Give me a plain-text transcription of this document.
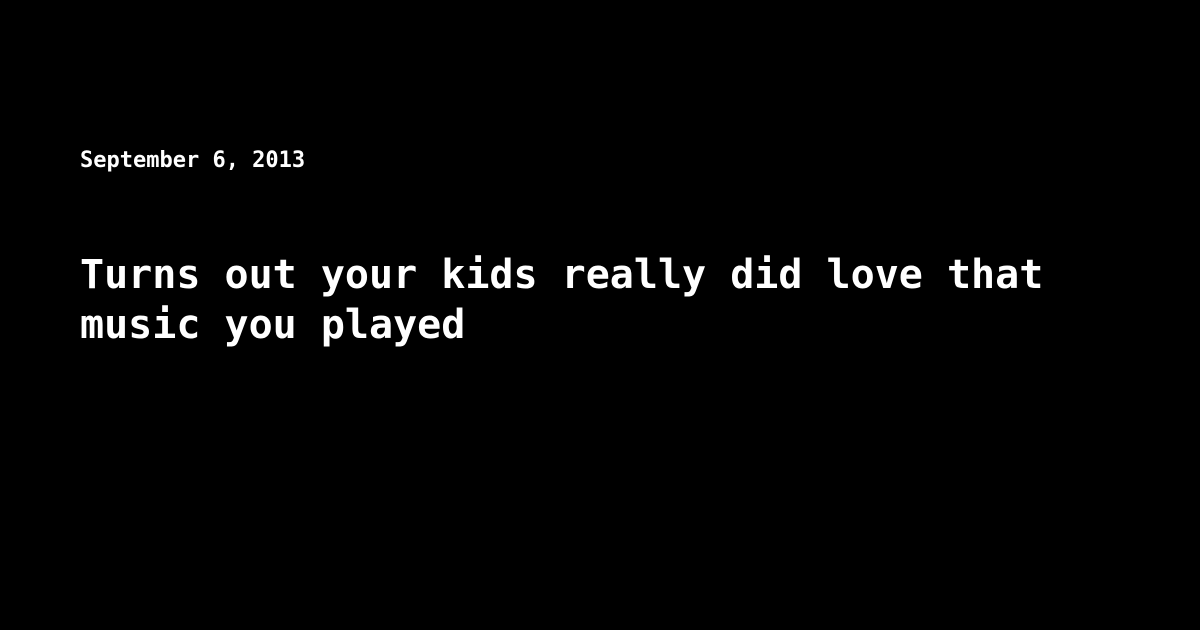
September 6, 2013
Turns out your kids really did love that music you played
